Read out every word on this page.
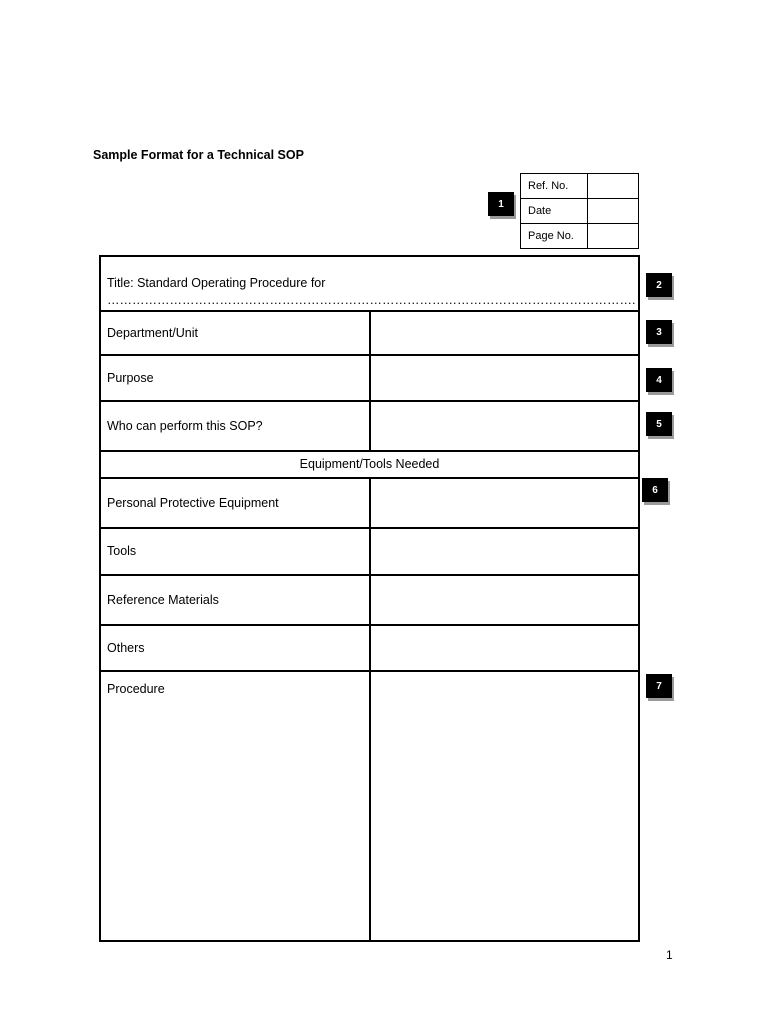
Sample Format for a Technical SOP
Ref. No.	
Date	
Page No.	
1
2
3
4
5
6
7
Title: Standard Operating Procedure for ……………………………………………………………………………………………………………….	
Department/Unit	
Purpose	
Who can perform this SOP?	
Equipment/Tools Needed	
Personal Protective Equipment	
Tools	
Reference Materials	
Others	
Procedure	
1
